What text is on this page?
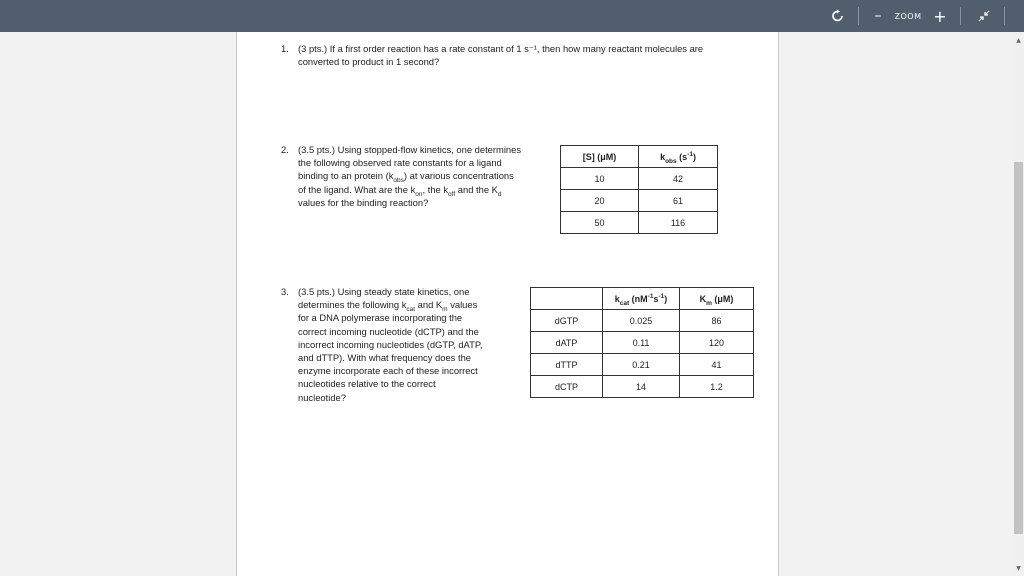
–	ZOOM +
1. (3 pts.) If a first order reaction has a rate constant of 1 s⁻¹, then how many reactant molecules are
converted to product in 1 second?
2. (3.5 pts.) Using stopped-flow kinetics, one determines
the following observed rate constants for a ligand
binding to an protein $(k_{obs})$ at various concentrations
of the ligand. What are the $k_{on}$, the $k_{off}$ and the $K_d$
values for the binding reaction?
[S] (μM)	$k_{obs}$ $(s^{-1})$
10	42
20	61
50	116
3. (3.5 pts.) Using steady state kinetics, one
determines the following $k_{cat}$ and $K_m$ values
for a DNA polymerase incorporating the
correct incoming nucleotide (dCTP) and the
incorrect incoming nucleotides (dGTP, dATP,
and dTTP). With what frequency does the
enzyme incorporate each of these incorrect
nucleotides relative to the correct
nucleotide?
	$k_{cat}$ $(nM^{-1}s^{-1})$	$K_m$ (μM)
dGTP	0.025	86
dATP	0.11	120
dTTP	0.21	41
dCTP	14	1.2
▲
▼
